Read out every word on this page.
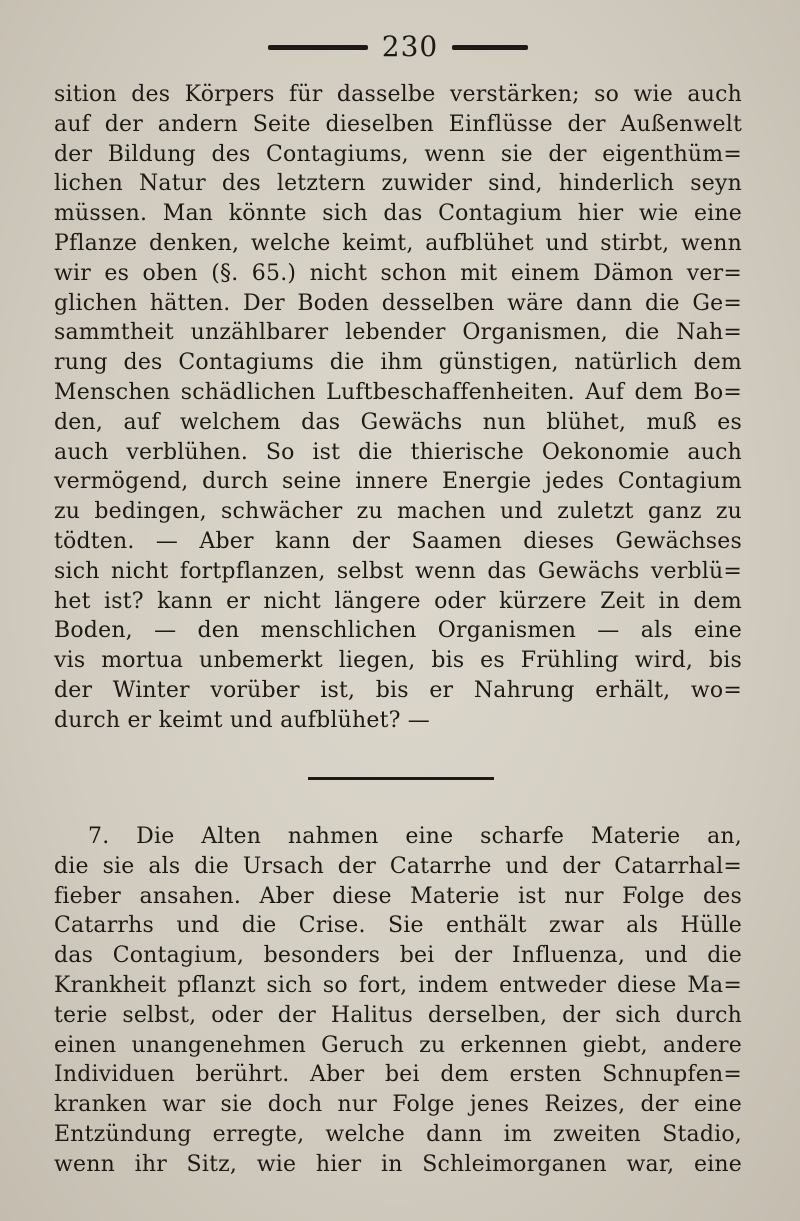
230
sition des Körpers für dasselbe verstärken; so wie auch
auf der andern Seite dieselben Einflüsse der Außenwelt
der Bildung des Contagiums, wenn sie der eigenthüm=
lichen Natur des letztern zuwider sind, hinderlich seyn
müssen. Man könnte sich das Contagium hier wie eine
Pflanze denken, welche keimt, aufblühet und stirbt, wenn
wir es oben (§. 65.) nicht schon mit einem Dämon ver=
glichen hätten. Der Boden desselben wäre dann die Ge=
sammtheit unzählbarer lebender Organismen, die Nah=
rung des Contagiums die ihm günstigen, natürlich dem
Menschen schädlichen Luftbeschaffenheiten. Auf dem Bo=
den, auf welchem das Gewächs nun blühet, muß es
auch verblühen. So ist die thierische Oekonomie auch
vermögend, durch seine innere Energie jedes Contagium
zu bedingen, schwächer zu machen und zuletzt ganz zu
tödten. — Aber kann der Saamen dieses Gewächses
sich nicht fortpflanzen, selbst wenn das Gewächs verblü=
het ist? kann er nicht längere oder kürzere Zeit in dem
Boden, — den menschlichen Organismen — als eine
vis mortua unbemerkt liegen, bis es Frühling wird, bis
der Winter vorüber ist, bis er Nahrung erhält, wo=
durch er keimt und aufblühet? —
7. Die Alten nahmen eine scharfe Materie an,
die sie als die Ursach der Catarrhe und der Catarrhal=
fieber ansahen. Aber diese Materie ist nur Folge des
Catarrhs und die Crise. Sie enthält zwar als Hülle
das Contagium, besonders bei der Influenza, und die
Krankheit pflanzt sich so fort, indem entweder diese Ma=
terie selbst, oder der Halitus derselben, der sich durch
einen unangenehmen Geruch zu erkennen giebt, andere
Individuen berührt. Aber bei dem ersten Schnupfen=
kranken war sie doch nur Folge jenes Reizes, der eine
Entzündung erregte, welche dann im zweiten Stadio,
wenn ihr Sitz, wie hier in Schleimorganen war, eine
